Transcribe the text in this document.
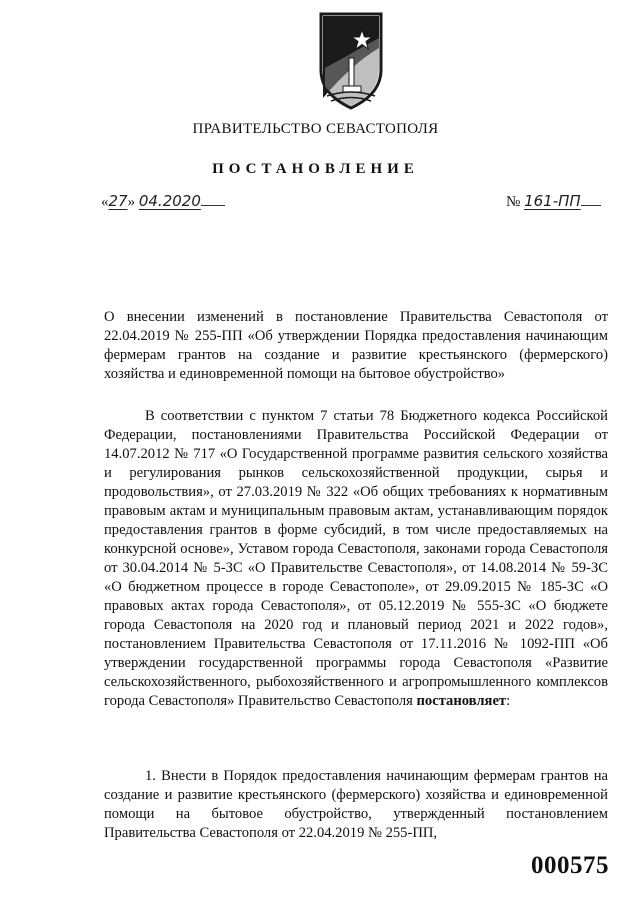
ПРАВИТЕЛЬСТВО СЕВАСТОПОЛЯ
ПОСТАНОВЛЕНИЕ
«27» 04.2020	№ 161-ПП
О внесении изменений в постановление Правительства Севастополя от 22.04.2019 № 255-ПП «Об утверждении Порядка предоставления начинающим фермерам грантов на создание и развитие крестьянского (фермерского) хозяйства и единовременной помощи на бытовое обустройство»
В соответствии с пунктом 7 статьи 78 Бюджетного кодекса Российской Федерации, постановлениями Правительства Российской Федерации от 14.07.2012 № 717 «О Государственной программе развития сельского хозяйства и регулирования рынков сельскохозяйственной продукции, сырья и продовольствия», от 27.03.2019 № 322 «Об общих требованиях к нормативным правовым актам и муниципальным правовым актам, устанавливающим порядок предоставления грантов в форме субсидий, в том числе предоставляемых на конкурсной основе», Уставом города Севастополя, законами города Севастополя от 30.04.2014 № 5-ЗС «О Правительстве Севастополя», от 14.08.2014 № 59-ЗС «О бюджетном процессе в городе Севастополе», от 29.09.2015 № 185-ЗС «О правовых актах города Севастополя», от 05.12.2019 № 555-ЗС «О бюджете города Севастополя на 2020 год и плановый период 2021 и 2022 годов», постановлением Правительства Севастополя от 17.11.2016 № 1092-ПП «Об утверждении государственной программы города Севастополя «Развитие сельскохозяйственного, рыбохозяйственного и агропромышленного комплексов города Севастополя» Правительство Севастополя постановляет:
1. Внести в Порядок предоставления начинающим фермерам грантов на создание и развитие крестьянского (фермерского) хозяйства и единовременной помощи на бытовое обустройство, утвержденный постановлением Правительства Севастополя от 22.04.2019 № 255-ПП,
000575
